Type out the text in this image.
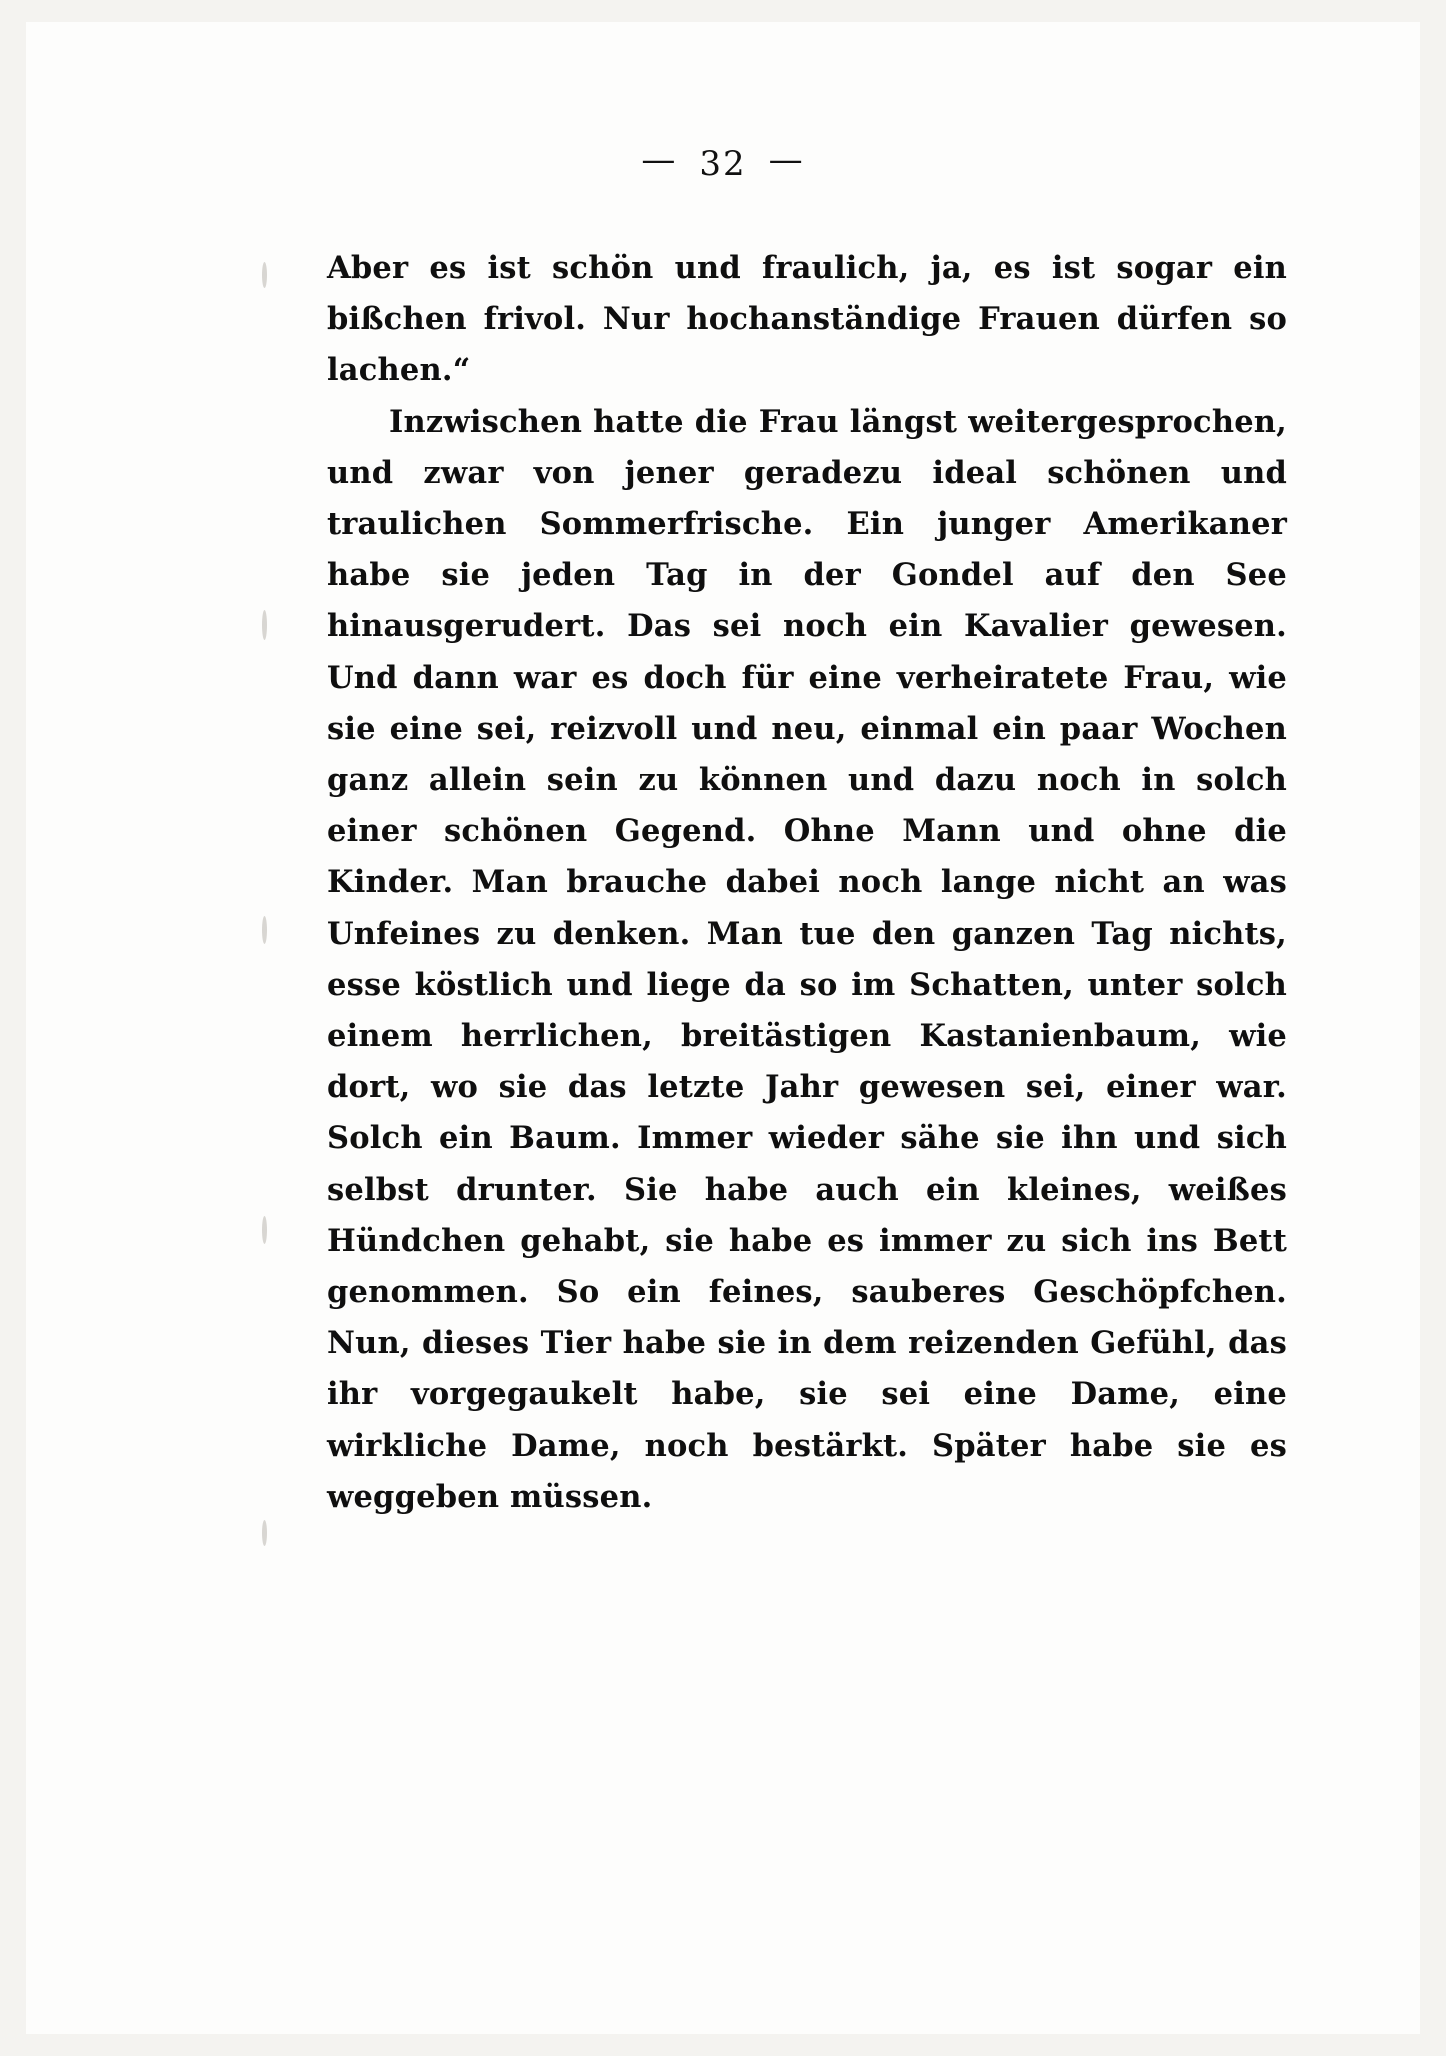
— 32 —

Aber es ist schön und fraulich, ja, es ist sogar ein bißchen frivol. Nur hochanständige Frauen dürfen so lachen.“

Inzwischen hatte die Frau längst weitergesprochen, und zwar von jener geradezu ideal schönen und traulichen Sommerfrische. Ein junger Amerikaner habe sie jeden Tag in der Gondel auf den See hinausgerudert. Das sei noch ein Kavalier gewesen. Und dann war es doch für eine verheiratete Frau, wie sie eine sei, reizvoll und neu, einmal ein paar Wochen ganz allein sein zu können und dazu noch in solch einer schönen Gegend. Ohne Mann und ohne die Kinder. Man brauche dabei noch lange nicht an was Unfeines zu denken. Man tue den ganzen Tag nichts, esse köstlich und liege da so im Schatten, unter solch einem herrlichen, breitästigen Kastanienbaum, wie dort, wo sie das letzte Jahr gewesen sei, einer war. Solch ein Baum. Immer wieder sähe sie ihn und sich selbst drunter. Sie habe auch ein kleines, weißes Hündchen gehabt, sie habe es immer zu sich ins Bett genommen. So ein feines, sauberes Geschöpfchen. Nun, dieses Tier habe sie in dem reizenden Gefühl, das ihr vorgegaukelt habe, sie sei eine Dame, eine wirkliche Dame, noch bestärkt. Später habe sie es weggeben müssen.
